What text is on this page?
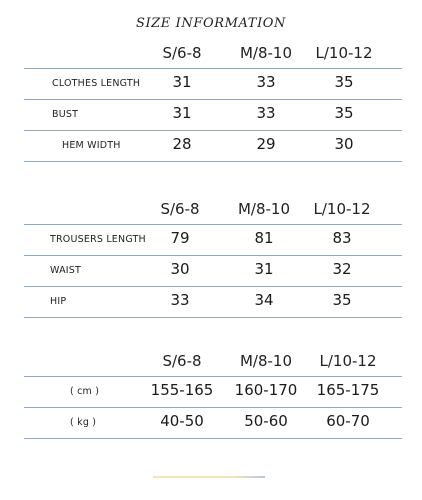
SIZE INFORMATION
S/6-8	M/8-10 L/10-12
CLOTHES LENGTH 31	33	35
BUST	31	33	35
HEM WIDTH	28	29	30
S/6-8	M/8-10 L/10-12
TROUSERS LENGTH 79	81	83
WAIST	30	31	32
HIP	33	34	35
S/6-8	M/8-10 L/10-12
( cm )	155-165 160-170 165-175
( kg )	40-50	50-60	60-70
